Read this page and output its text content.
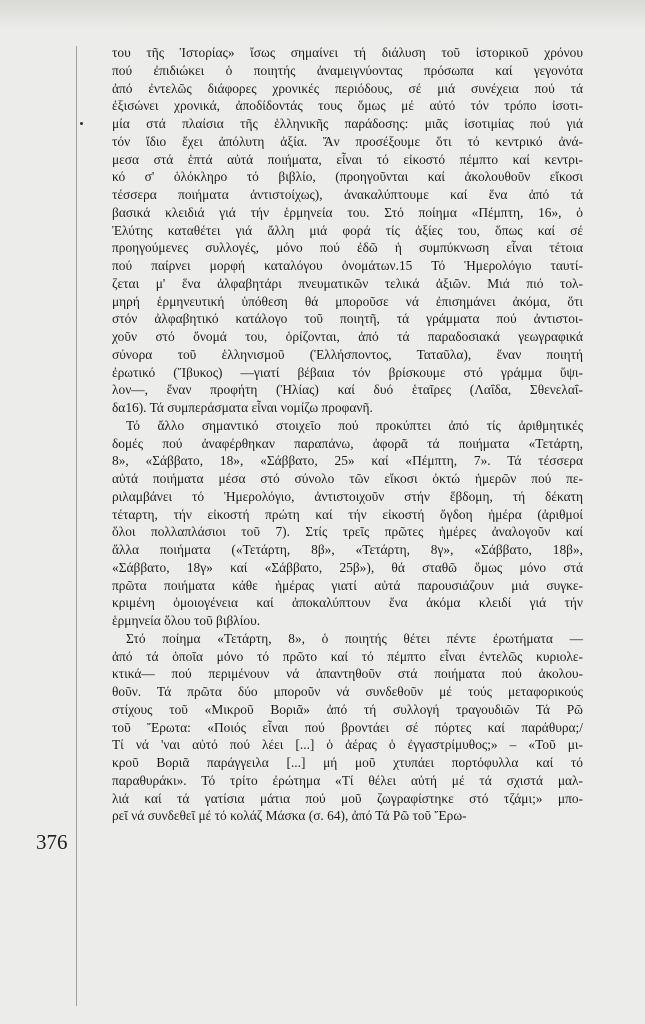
376
του τῆς Ἱστορίας» ἴσως σημαίνει τή διάλυση τοῦ ἱστορικοῦ χρόνου
πού ἐπιδιώκει ὁ ποιητής ἀναμειγνύοντας πρόσωπα καί γεγονότα
ἀπό ἐντελῶς διάφορες χρονικές περιόδους, σέ μιά συνέχεια πού τά
ἐξισώνει χρονικά, ἀποδίδοντάς τους ὅμως μέ αὐτό τόν τρόπο ἰσοτι-
μία στά πλαίσια τῆς ἑλληνικῆς παράδοσης: μιᾶς ἰσοτιμίας πού γιά
τόν ἴδιο ἔχει ἀπόλυτη ἀξία. Ἄν προσέξουμε ὅτι τό κεντρικό ἀνά-
μεσα στά ἑπτά αὐτά ποιήματα, εἶναι τό εἰκοστό πέμπτο καί κεντρι-
κό σ' ὁλόκληρο τό βιβλίο, (προηγοῦνται καί ἀκολουθοῦν εἴκοσι
τέσσερα ποιήματα ἀντιστοίχως), ἀνακαλύπτουμε καί ἕνα ἀπό τά
βασικά κλειδιά γιά τήν ἑρμηνεία του. Στό ποίημα «Πέμπτη, 16», ὁ
Ἐλύτης καταθέτει γιά ἄλλη μιά φορά τίς ἀξίες του, ὅπως καί σέ
προηγούμενες συλλογές, μόνο πού ἐδῶ ἡ συμπύκνωση εἶναι τέτοια
πού παίρνει μορφή καταλόγου ὀνομάτων.15 Τό Ἡμερολόγιο ταυτί-
ζεται μ' ἕνα ἀλφαβητάρι πνευματικῶν τελικά ἀξιῶν. Μιά πιό τολ-
μηρή ἑρμηνευτική ὑπόθεση θά μποροῦσε νά ἐπισημάνει ἀκόμα, ὅτι
στόν ἀλφαβητικό κατάλογο τοῦ ποιητῆ, τά γράμματα πού ἀντιστοι-
χοῦν στό ὄνομά του, ὁρίζονται, ἀπό τά παραδοσιακά γεωγραφικά
σύνορα τοῦ ἑλληνισμοῦ (Ἑλλήσποντος, Ταταῦλα), ἕναν ποιητή
ἐρωτικό (Ἴβυκος) —γιατί βέβαια τόν βρίσκουμε στό γράμμα ὕψι-
λον—, ἕναν προφήτη (Ἠλίας) καί δυό ἑταῖρες (Λαΐδα, Σθενελαΐ-
δα16). Τά συμπεράσματα εἶναι νομίζω προφανῆ.
Τό ἄλλο σημαντικό στοιχεῖο πού προκύπτει ἀπό τίς ἀριθμητικές
δομές πού ἀναφέρθηκαν παραπάνω, ἀφορᾶ τά ποιήματα «Τετάρτη,
8», «Σάββατο, 18», «Σάββατο, 25» καί «Πέμπτη, 7». Τά τέσσερα
αὐτά ποιήματα μέσα στό σύνολο τῶν εἴκοσι ὀκτώ ἡμερῶν πού πε-
ριλαμβάνει τό Ἡμερολόγιο, ἀντιστοιχοῦν στήν ἕβδομη, τή δέκατη
τέταρτη, τήν εἰκοστή πρώτη καί τήν εἰκοστή ὄγδοη ἡμέρα (ἀριθμοί
ὅλοι πολλαπλάσιοι τοῦ 7). Στίς τρεῖς πρῶτες ἡμέρες ἀναλογοῦν καί
ἄλλα ποιήματα («Τετάρτη, 8β», «Τετάρτη, 8γ», «Σάββατο, 18β»,
«Σάββατο, 18γ» καί «Σάββατο, 25β»), θά σταθῶ ὅμως μόνο στά
πρῶτα ποιήματα κάθε ἡμέρας γιατί αὐτά παρουσιάζουν μιά συγκε-
κριμένη ὁμοιογένεια καί ἀποκαλύπτουν ἕνα ἀκόμα κλειδί γιά τήν
ἑρμηνεία ὅλου τοῦ βιβλίου.
Στό ποίημα «Τετάρτη, 8», ὁ ποιητής θέτει πέντε ἐρωτήματα —
ἀπό τά ὁποῖα μόνο τό πρῶτο καί τό πέμπτο εἶναι ἐντελῶς κυριολε-
κτικά— πού περιμένουν νά ἀπαντηθοῦν στά ποιήματα πού ἀκολου-
θοῦν. Τά πρῶτα δύο μποροῦν νά συνδεθοῦν μέ τούς μεταφορικούς
στίχους τοῦ «Μικροῦ Βοριᾶ» ἀπό τή συλλογή τραγουδιῶν Τά Ρῶ
τοῦ Ἔρωτα: «Ποιός εἶναι πού βροντάει σέ πόρτες καί παράθυρα;/
Τί νά 'ναι αὐτό πού λέει [...] ὁ ἀέρας ὁ ἐγγαστρίμυθος;» – «Τοῦ μι-
κροῦ Βοριᾶ παράγγειλα [...] μή μοῦ χτυπάει πορτόφυλλα καί τό
παραθυράκι». Τό τρίτο ἐρώτημα «Τί θέλει αὐτή μέ τά σχιστά μαλ-
λιά καί τά γατίσια μάτια πού μοῦ ζωγραφίστηκε στό τζάμι;» μπο-
ρεῖ νά συνδεθεῖ μέ τό κολάζ Μάσκα (σ. 64), ἀπό Τά Ρῶ τοῦ Ἔρω-
